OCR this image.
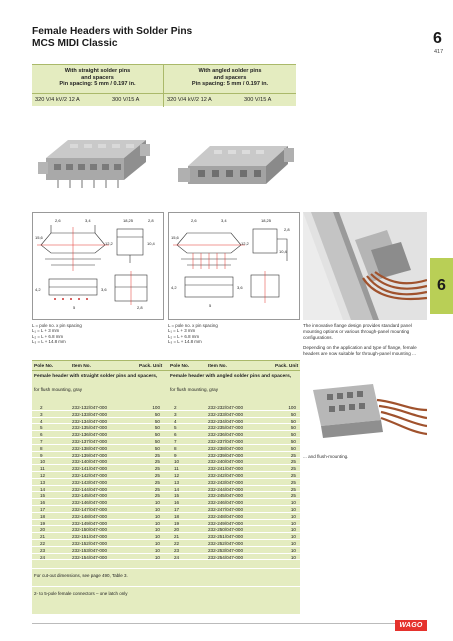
Female Headers with Solder Pins
MCS MIDI Classic	6
417
6
With straight solder pins
and spacers
Pin spacing: 5 mm / 0.197 in.
320 V/4 kV/2 12 A	300 V/15 A
With angled solder pins
and spacers
Pin spacing: 5 mm / 0.197 in.
320 V/4 kV/2 12 A	300 V/15 A
2,6	3,4	18,25	2,8
15,6
12,2	10,4
5
4,2	3,6
2,8
2,6	3,4	18,25
2,8
15,6
12,2
10,4
5
4,2	3,6
L = pole no. x pin spacing
L₁ = L + 3 mm
L₂ = L + 6.8 mm
L₃ = L + 14.8 mm
L = pole no. x pin spacing
L₁ = L + 3 mm
L₂ = L + 6.8 mm
L₃ = L + 14.8 mm

The innovative flange design provides standard panel mounting options or various through-panel mounting configurations.

Depending on the application and type of flange, female headers are now suitable for through-panel mounting ...

Pole No.	Item No.	Pack. Unit Pole No.	Item No.	Pack. Unit
Female header with straight solder pins and spacers,
for flush mounting, gray
Female header with angled solder pins and spacers,
for flush mounting, gray
2	232-132/047-000	100	2	232-232/047-000	100
3	232-133/047-000	50	3	232-233/047-000	50
4	232-134/047-000	50	4	232-234/047-000	50
5	232-135/047-000	50	5	232-235/047-000	50
6	232-136/047-000	50	6	232-236/047-000	50
7	232-137/047-000	50	7	232-237/047-000	50
8	232-138/047-000	50	8	232-238/047-000	50
9	232-139/047-000	25	9	232-239/047-000	25
10	232-140/047-000	25	10	232-240/047-000	25
11	232-141/047-000	25	11	232-241/047-000	25
12	232-142/047-000	25	12	232-242/047-000	25
13	232-143/047-000	25	13	232-243/047-000	25
14	232-144/047-000	25	14	232-244/047-000	25
15	232-145/047-000	25	15	232-245/047-000	25
16	232-146/047-000	10	16	232-246/047-000	10
17	232-147/047-000	10	17	232-247/047-000	10
18	232-148/047-000	10	18	232-248/047-000	10
19	232-149/047-000	10	19	232-249/047-000	10
20	232-150/047-000	10	20	232-250/047-000	10
21	232-151/047-000	10	21	232-251/047-000	10
22	232-152/047-000	10	22	232-252/047-000	10
23	232-153/047-000	10	23	232-253/047-000	10
24	232-154/047-000	10	24	232-254/047-000	10
For cut-out dimensions, see page 490, Table 3.
2- to 5-pole female connectors – one latch only
... and flush-mounting.
WAGO
